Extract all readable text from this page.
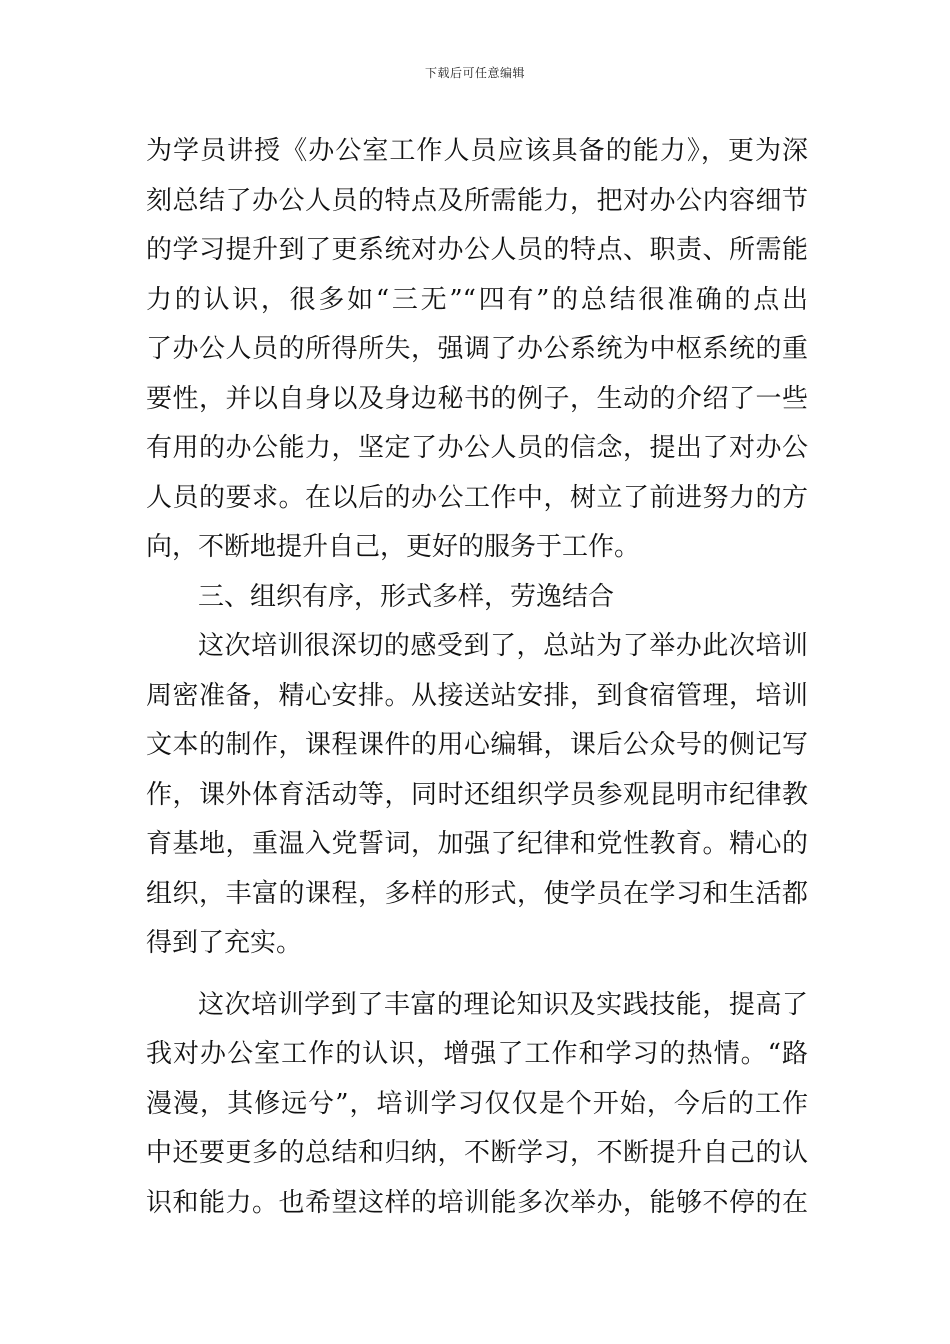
下载后可任意编辑
为学员讲授《办公室工作人员应该具备的能力》，更为深
刻总结了办公人员的特点及所需能力，把对办公内容细节
的学习提升到了更系统对办公人员的特点、职责、所需能
力的认识，很多如“三无”“四有”的总结很准确的点出
了办公人员的所得所失，强调了办公系统为中枢系统的重
要性，并以自身以及身边秘书的例子，生动的介绍了一些
有用的办公能力，坚定了办公人员的信念，提出了对办公
人员的要求。在以后的办公工作中，树立了前进努力的方
向，不断地提升自己，更好的服务于工作。
三、组织有序，形式多样，劳逸结合
这次培训很深切的感受到了，总站为了举办此次培训
周密准备，精心安排。从接送站安排，到食宿管理，培训
文本的制作，课程课件的用心编辑，课后公众号的侧记写
作，课外体育活动等，同时还组织学员参观昆明市纪律教
育基地，重温入党誓词，加强了纪律和党性教育。精心的
组织，丰富的课程，多样的形式，使学员在学习和生活都
得到了充实。
这次培训学到了丰富的理论知识及实践技能，提高了
我对办公室工作的认识，增强了工作和学习的热情。“路
漫漫，其修远兮”，培训学习仅仅是个开始，今后的工作
中还要更多的总结和归纳，不断学习，不断提升自己的认
识和能力。也希望这样的培训能多次举办，能够不停的在
